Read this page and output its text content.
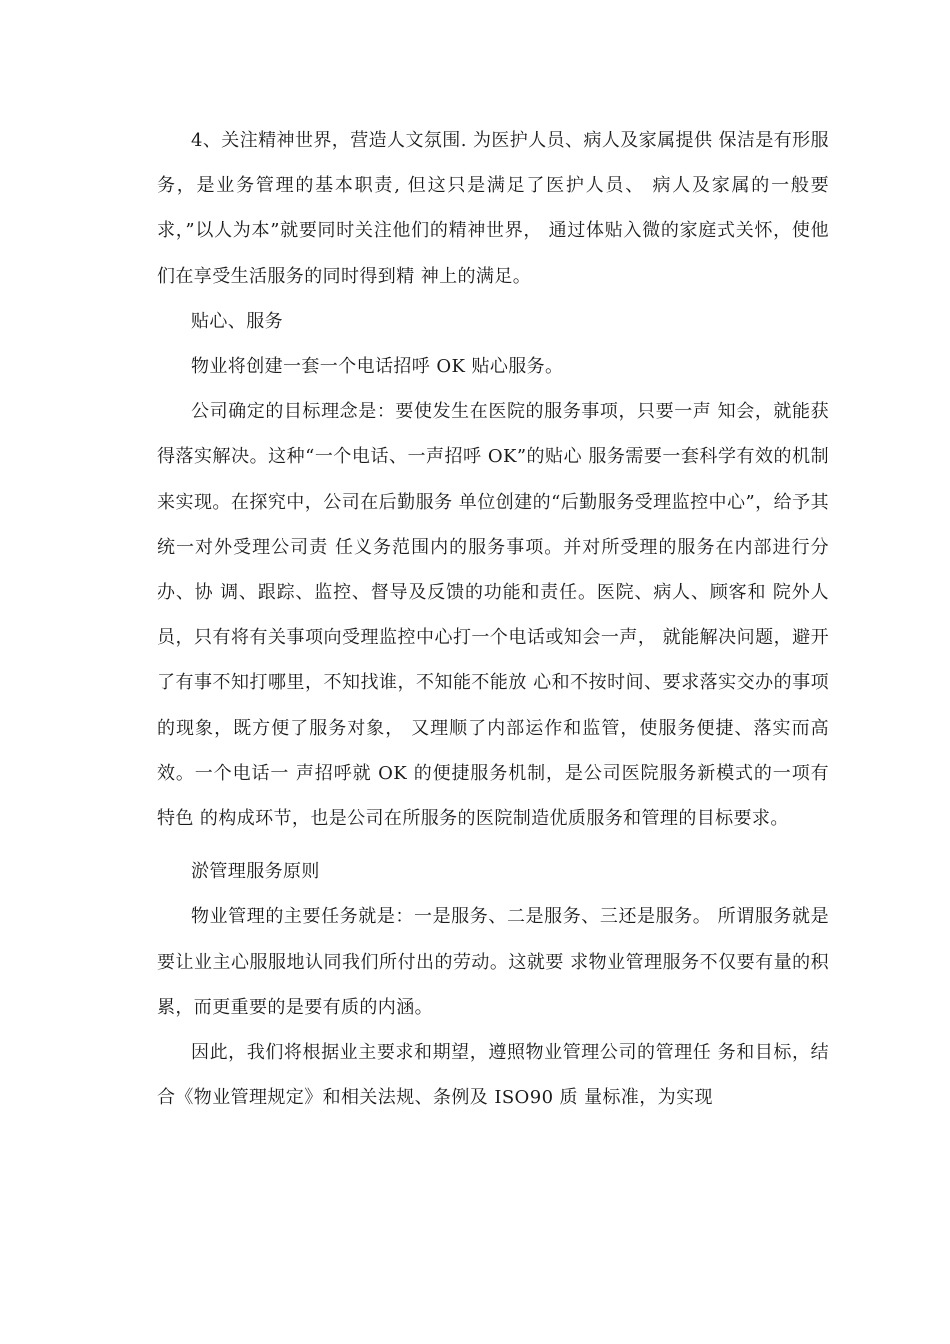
4、关注精神世界，营造人文氛围. 为医护人员、病人及家属提供 保洁是有形服务，是业务管理的基本职责, 但这只是满足了医护人员、 病人及家属的一般要求，”以人为本”就要同时关注他们的精神世界， 通过体贴入微的家庭式关怀，使他们在享受生活服务的同时得到精 神上的满足。

贴心、服务

物业将创建一套一个电话招呼 OK 贴心服务。

公司确定的目标理念是：要使发生在医院的服务事项，只要一声 知会，就能获得落实解决。这种“一个电话、一声招呼 OK”的贴心 服务需要一套科学有效的机制来实现。在探究中，公司在后勤服务 单位创建的“后勤服务受理监控中心”，给予其统一对外受理公司责 任义务范围内的服务事项。并对所受理的服务在内部进行分办、协 调、跟踪、监控、督导及反馈的功能和责任。医院、病人、顾客和 院外人员，只有将有关事项向受理监控中心打一个电话或知会一声， 就能解决问题，避开了有事不知打哪里，不知找谁，不知能不能放 心和不按时间、要求落实交办的事项的现象，既方便了服务对象， 又理顺了内部运作和监管，使服务便捷、落实而高效。一个电话一 声招呼就 OK 的便捷服务机制，是公司医院服务新模式的一项有特色 的构成环节，也是公司在所服务的医院制造优质服务和管理的目标要求。

淤管理服务原则

物业管理的主要任务就是：一是服务、二是服务、三还是服务。 所谓服务就是要让业主心服服地认同我们所付出的劳动。这就要 求物业管理服务不仅要有量的积累，而更重要的是要有质的内涵。

因此，我们将根据业主要求和期望，遵照物业管理公司的管理任 务和目标，结合《物业管理规定》和相关法规、条例及 ISO90 质 量标准，为实现
